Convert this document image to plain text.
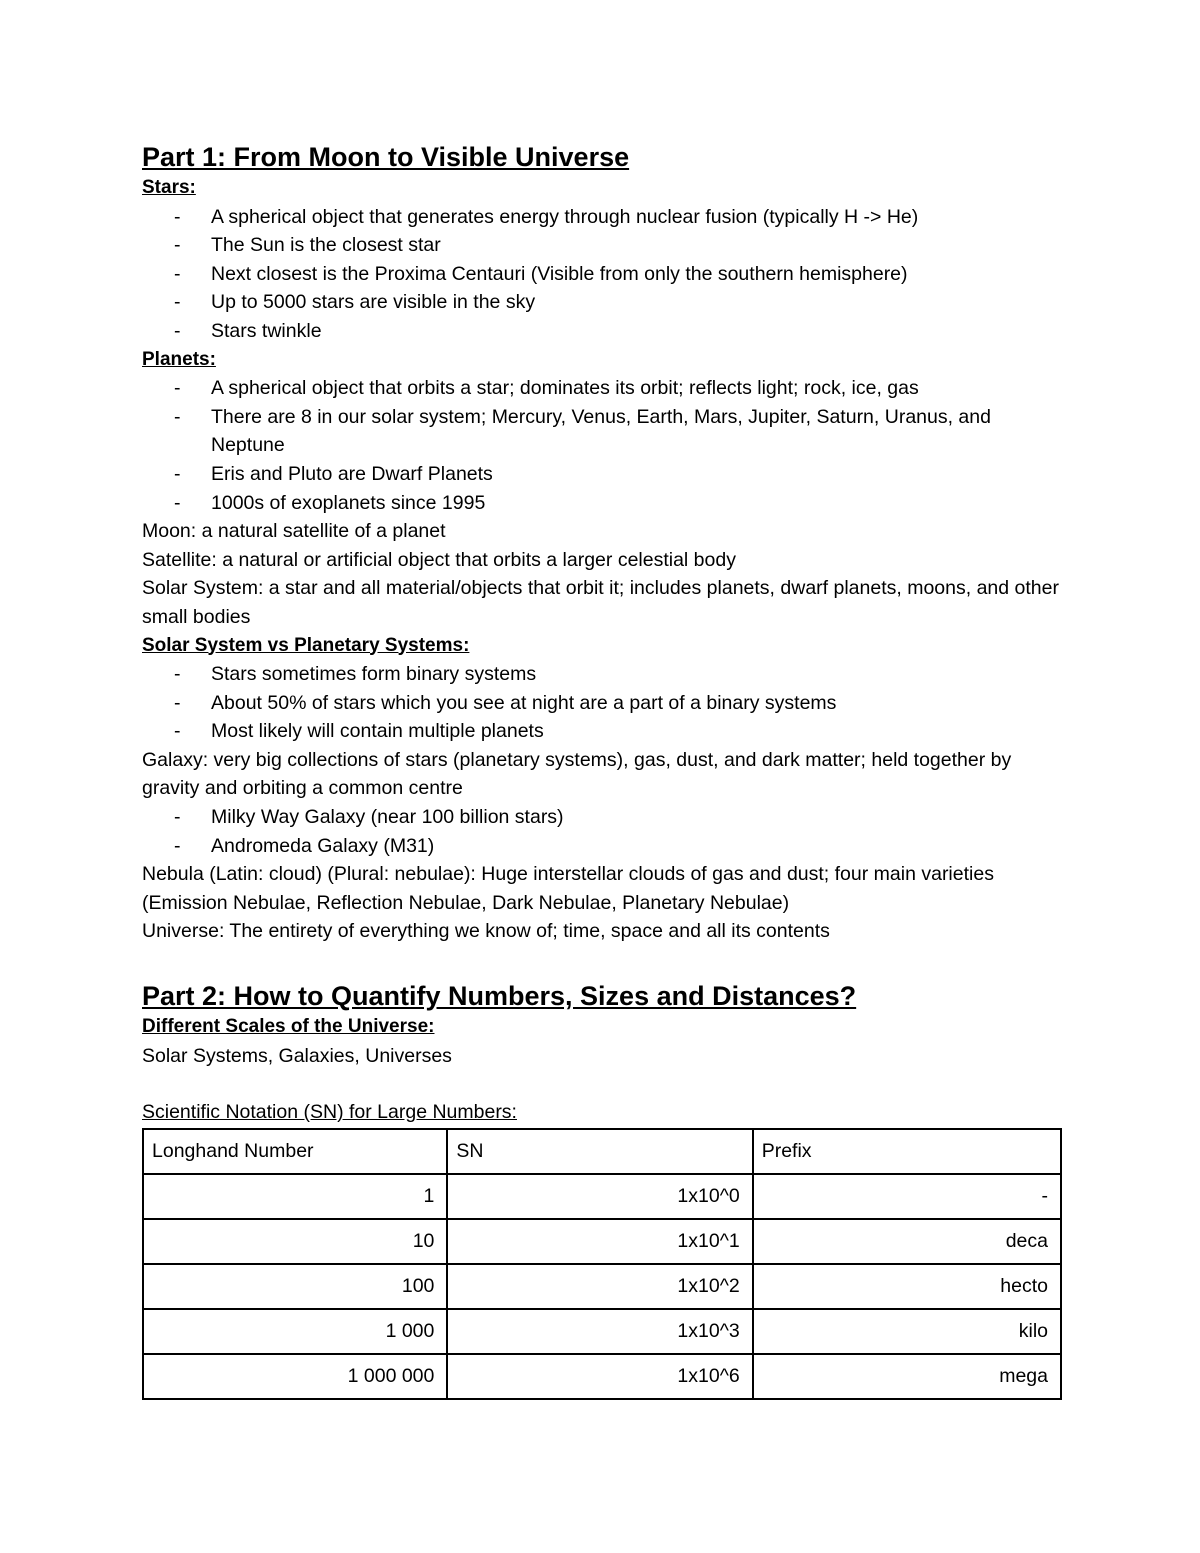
Part 1: From Moon to Visible Universe

Stars:

- A spherical object that generates energy through nuclear fusion (typically H -> He)
- The Sun is the closest star
- Next closest is the Proxima Centauri (Visible from only the southern hemisphere)
- Up to 5000 stars are visible in the sky
- Stars twinkle

Planets:

- A spherical object that orbits a star; dominates its orbit; reflects light; rock, ice, gas
- There are 8 in our solar system; Mercury, Venus, Earth, Mars, Jupiter, Saturn, Uranus, and Neptune
- Eris and Pluto are Dwarf Planets
- 1000s of exoplanets since 1995

Moon: a natural satellite of a planet

Satellite: a natural or artificial object that orbits a larger celestial body

Solar System: a star and all material/objects that orbit it; includes planets, dwarf planets, moons, and other small bodies

Solar System vs Planetary Systems:

- Stars sometimes form binary systems
- About 50% of stars which you see at night are a part of a binary systems
- Most likely will contain multiple planets

Galaxy: very big collections of stars (planetary systems), gas, dust, and dark matter; held together by gravity and orbiting a common centre

- Milky Way Galaxy (near 100 billion stars)
- Andromeda Galaxy (M31)

Nebula (Latin: cloud) (Plural: nebulae): Huge interstellar clouds of gas and dust; four main varieties (Emission Nebulae, Reflection Nebulae, Dark Nebulae, Planetary Nebulae)

Universe: The entirety of everything we know of; time, space and all its contents

Part 2: How to Quantify Numbers, Sizes and Distances?

Different Scales of the Universe:

Solar Systems, Galaxies, Universes

Scientific Notation (SN) for Large Numbers:

Longhand Number	SN	Prefix
1	1x10^0	-
10	1x10^1	deca
100	1x10^2	hecto
1 000	1x10^3	kilo
1 000 000	1x10^6	mega
